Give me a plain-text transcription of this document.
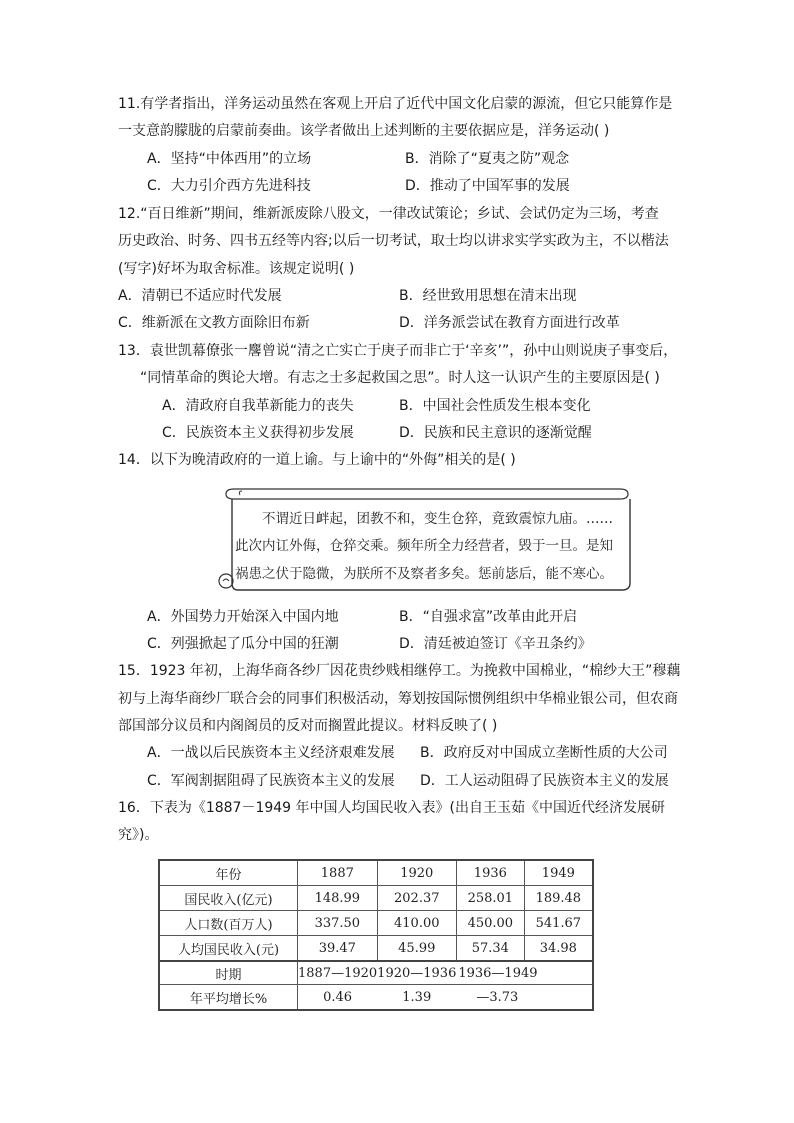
11.有学者指出，洋务运动虽然在客观上开启了近代中国文化启蒙的源流，但它只能算作是
一支意韵朦胧的启蒙前奏曲。该学者做出上述判断的主要依据应是，洋务运动( )
A．坚持“中体西用”的立场	B．消除了“夏夷之防”观念
C．大力引介西方先进科技	D．推动了中国军事的发展
12.“百日维新”期间，维新派废除八股文，一律改试策论；乡试、会试仍定为三场，考查
历史政治、时务、四书五经等内容;以后一切考试，取士均以讲求实学实政为主，不以楷法
(写字)好坏为取舍标准。该规定说明( )
A．清朝已不适应时代发展	B．经世致用思想在清末出现
C．维新派在文教方面除旧布新	D．洋务派尝试在教育方面进行改革
13．袁世凯幕僚张一麐曾说“清之亡实亡于庚子而非亡于‘辛亥’”，孙中山则说庚子事变后，
“同情革命的舆论大增。有志之士多起救国之思”。时人这一认识产生的主要原因是( )
A．清政府自我革新能力的丧失	B．中国社会性质发生根本变化
C．民族资本主义获得初步发展	D．民族和民主意识的逐渐觉醒
14．以下为晚清政府的一道上谕。与上谕中的“外侮”相关的是( )
不谓近日衅起，团教不和，变生仓猝，竟致震惊九庙。……
此次内讧外侮，仓猝交乘。频年所全力经营者，毁于一旦。是知
祸患之伏于隐微，为朕所不及察者多矣。惩前毖后，能不寒心。
A．外国势力开始深入中国内地	B．“自强求富”改革由此开启
C．列强掀起了瓜分中国的狂潮	D．清廷被迫签订《辛丑条约》
15．1923 年初，上海华商各纱厂因花贵纱贱相继停工。为挽救中国棉业，“棉纱大王”穆藕
初与上海华商纱厂联合会的同事们积极活动，筹划按国际惯例组织中华棉业银公司，但农商
部国部分议员和内阁阁员的反对而搁置此提议。材料反映了( )
A．一战以后民族资本主义经济艰难发展 B．政府反对中国成立垄断性质的大公司
C．军阀割据阻碍了民族资本主义的发展 D．工人运动阻碍了民族资本主义的发展
16．下表为《1887－1949 年中国人均国民收入表》(出自王玉茹《中国近代经济发展研
究》)。
年份	1887	1920	1936	1949
国民收入(亿元)	148.99	202.37	258.01	189.48
人口数(百万人)	337.50	410.00	450.00	541.67
人均国民收入(元)	39.47	45.99	57.34	34.98
时期	1887—1920	1920—1936	1936—1949	
年平均增长%	0.46	1.39	—3.73	
